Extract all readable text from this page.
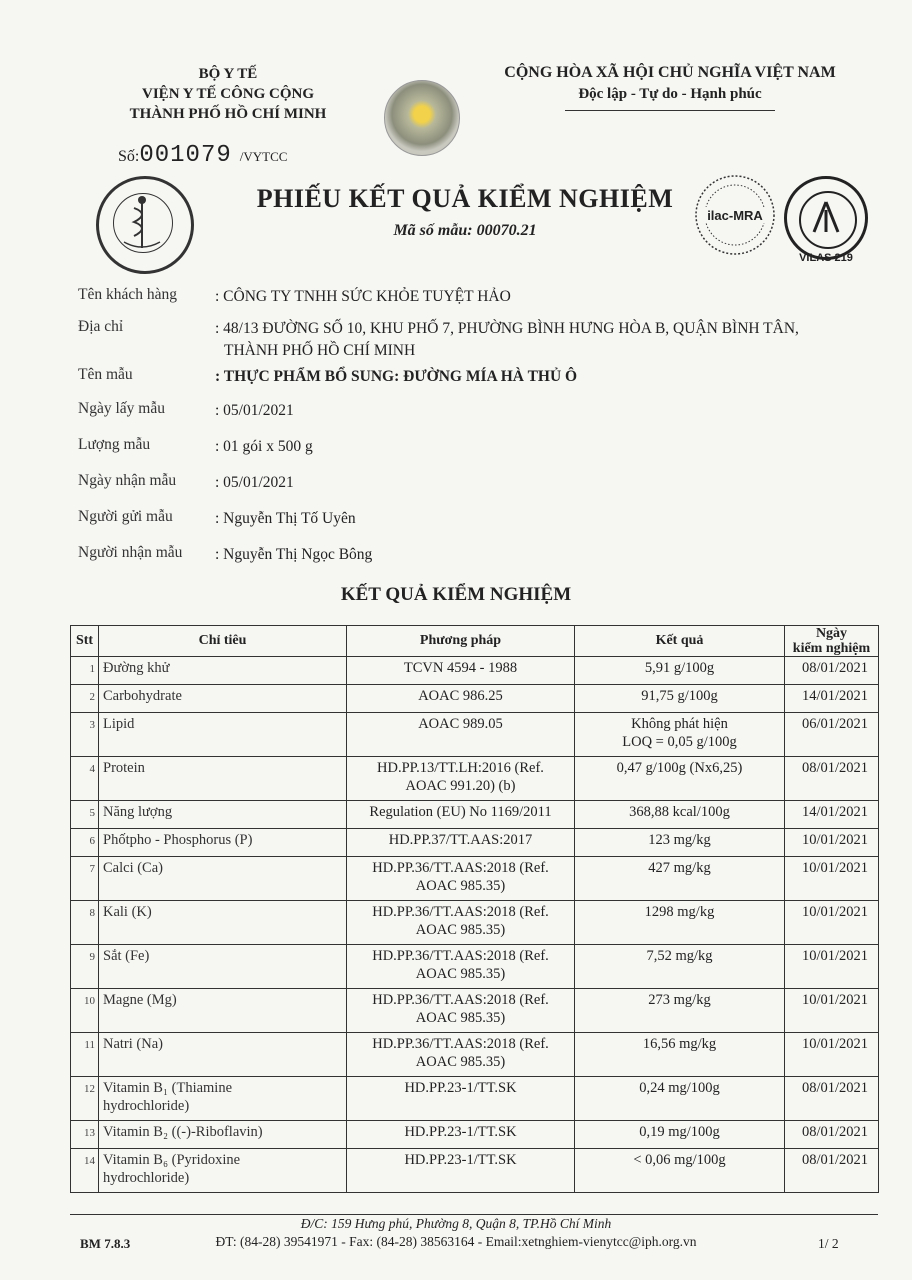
BỘ Y TẾ
VIỆN Y TẾ CÔNG CỘNG
THÀNH PHỐ HỒ CHÍ MINH
Số:001079 /VYTCC
CỘNG HÒA XÃ HỘI CHỦ NGHĨA VIỆT NAM
Độc lập - Tự do - Hạnh phúc
PHIẾU KẾT QUẢ KIỂM NGHIỆM
Mã số mẫu: 00070.21
ilac-MRA
VILAS 219
Tên khách hàng	: CÔNG TY TNHH SỨC KHỎE TUYỆT HẢO
Địa chỉ	: 48/13 ĐƯỜNG SỐ 10, KHU PHỐ 7, PHƯỜNG BÌNH HƯNG HÒA B, QUẬN BÌNH TÂN,
THÀNH PHỐ HỒ CHÍ MINH
Tên mẫu	: THỰC PHẨM BỔ SUNG: ĐƯỜNG MÍA HÀ THỦ Ô
Ngày lấy mẫu	: 05/01/2021
Lượng mẫu	: 01 gói x 500 g
Ngày nhận mẫu	: 05/01/2021
Người gửi mẫu	: Nguyễn Thị Tố Uyên
Người nhận mẫu	: Nguyễn Thị Ngọc Bông
KẾT QUẢ KIỂM NGHIỆM
Stt	Chỉ tiêu	Phương pháp	Kết quả	Ngày
kiểm nghiệm
1	Đường khử	TCVN 4594 - 1988	5,91 g/100g	08/01/2021
2	Carbohydrate	AOAC 986.25	91,75 g/100g	14/01/2021
3	Lipid	AOAC 989.05	Không phát hiện
LOQ = 0,05 g/100g	06/01/2021
4	Protein	HD.PP.13/TT.LH:2016 (Ref.
AOAC 991.20) (b)	0,47 g/100g (Nx6,25)	08/01/2021
5	Năng lượng	Regulation (EU) No 1169/2011	368,88 kcal/100g	14/01/2021
6	Phốtpho - Phosphorus (P)	HD.PP.37/TT.AAS:2017	123 mg/kg	10/01/2021
7	Calci (Ca)	HD.PP.36/TT.AAS:2018 (Ref.
AOAC 985.35)	427 mg/kg	10/01/2021
8	Kali (K)	HD.PP.36/TT.AAS:2018 (Ref.
AOAC 985.35)	1298 mg/kg	10/01/2021
9	Sắt (Fe)	HD.PP.36/TT.AAS:2018 (Ref.
AOAC 985.35)	7,52 mg/kg	10/01/2021
10	Magne (Mg)	HD.PP.36/TT.AAS:2018 (Ref.
AOAC 985.35)	273 mg/kg	10/01/2021
11	Natri (Na)	HD.PP.36/TT.AAS:2018 (Ref.
AOAC 985.35)	16,56 mg/kg	10/01/2021
12	Vitamin B₁ (Thiamine
hydrochloride)	HD.PP.23-1/TT.SK	0,24 mg/100g	08/01/2021
13	Vitamin B₂ ((-)-Riboflavin)	HD.PP.23-1/TT.SK	0,19 mg/100g	08/01/2021
14	Vitamin B₆ (Pyridoxine
hydrochloride)	HD.PP.23-1/TT.SK	< 0,06 mg/100g	08/01/2021
Đ/C: 159 Hưng phú, Phường 8, Quận 8, TP.Hồ Chí Minh
BM 7.8.3	ĐT: (84-28) 39541971 - Fax: (84-28) 38563164 - Email:xetnghiem-vienytcc@iph.org.vn	1/ 2
